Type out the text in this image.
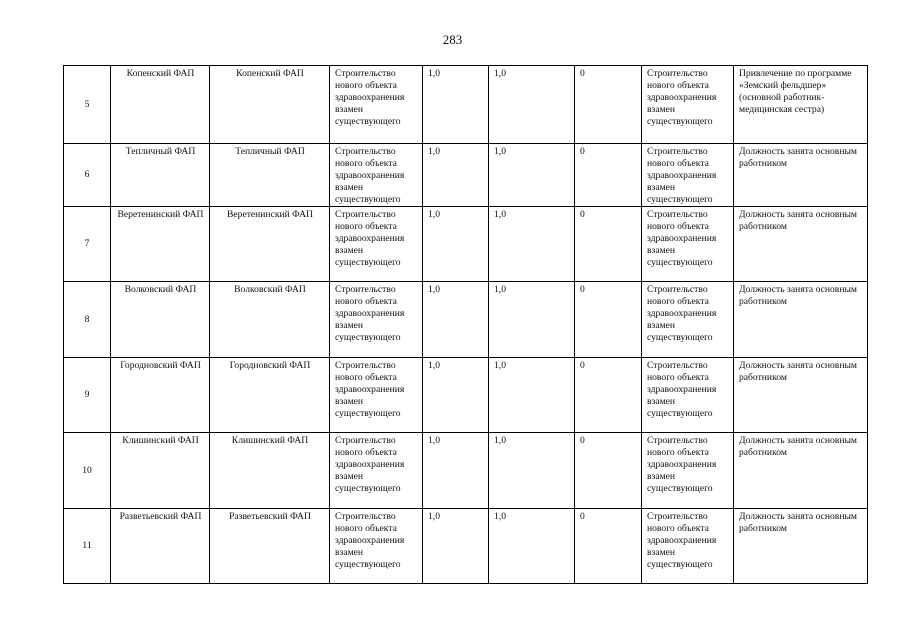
283
5	Копенский ФАП	Копенский ФАП	Строительство нового объекта здравоохранения взамен существующего	1,0	1,0	0	Строительство нового объекта здравоохранения взамен существующего	Привлечение по программе «Земский фельдшер» (основной работник- медицинская сестра)

6	Тепличный ФАП	Тепличный ФАП	Строительство нового объекта здравоохранения взамен существующего	1,0	1,0	0	Строительство нового объекта здравоохранения взамен существующего	Должность занята основным работником

7	Веретенинский ФАП	Веретенинский ФАП	Строительство нового объекта здравоохранения взамен существующего	1,0	1,0	0	Строительство нового объекта здравоохранения взамен существующего	Должность занята основным работником

8	Волковский ФАП	Волковский ФАП	Строительство нового объекта здравоохранения взамен существующего	1,0	1,0	0	Строительство нового объекта здравоохранения взамен существующего	Должность занята основным работником

9	Городновский ФАП	Городновский ФАП	Строительство нового объекта здравоохранения взамен существующего	1,0	1,0	0	Строительство нового объекта здравоохранения взамен существующего	Должность занята основным работником

10	Клишинский ФАП	Клишинский ФАП	Строительство нового объекта здравоохранения взамен существующего	1,0	1,0	0	Строительство нового объекта здравоохранения взамен существующего	Должность занята основным работником

11	Разветьевский ФАП	Разветьевский ФАП	Строительство нового объекта здравоохранения взамен существующего	1,0	1,0	0	Строительство нового объекта здравоохранения взамен существующего	Должность занята основным работником
